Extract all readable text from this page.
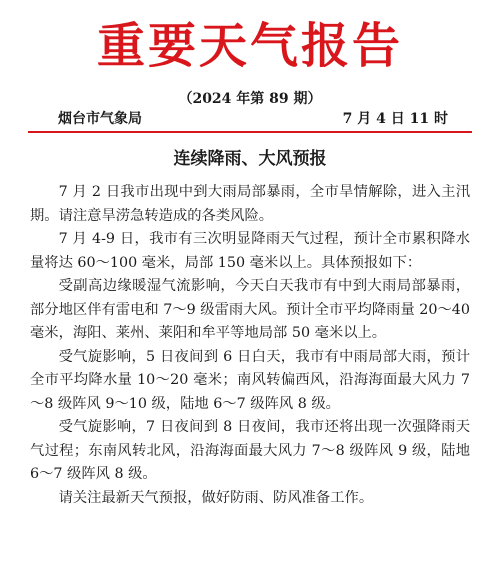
重要天气报告
（2024 年第 89 期）
烟台市气象局	7 月 4 日 11 时
连续降雨、大风预报

7 月 2 日我市出现中到大雨局部暴雨，全市旱情解除，进入主汛期。请注意旱涝急转造成的各类风险。

7 月 4-9 日，我市有三次明显降雨天气过程，预计全市累积降水量将达 60～100 毫米，局部 150 毫米以上。具体预报如下：

受副高边缘暖湿气流影响，今天白天我市有中到大雨局部暴雨，部分地区伴有雷电和 7～9 级雷雨大风。预计全市平均降雨量 20～40 毫米，海阳、莱州、莱阳和牟平等地局部 50 毫米以上。

受气旋影响，5 日夜间到 6 日白天，我市有中雨局部大雨，预计全市平均降水量 10～20 毫米；南风转偏西风，沿海海面最大风力 7～8 级阵风 9～10 级，陆地 6～7 级阵风 8 级。

受气旋影响，7 日夜间到 8 日夜间，我市还将出现一次强降雨天气过程；东南风转北风，沿海海面最大风力 7～8 级阵风 9 级，陆地 6～7 级阵风 8 级。

请关注最新天气预报，做好防雨、防风准备工作。
